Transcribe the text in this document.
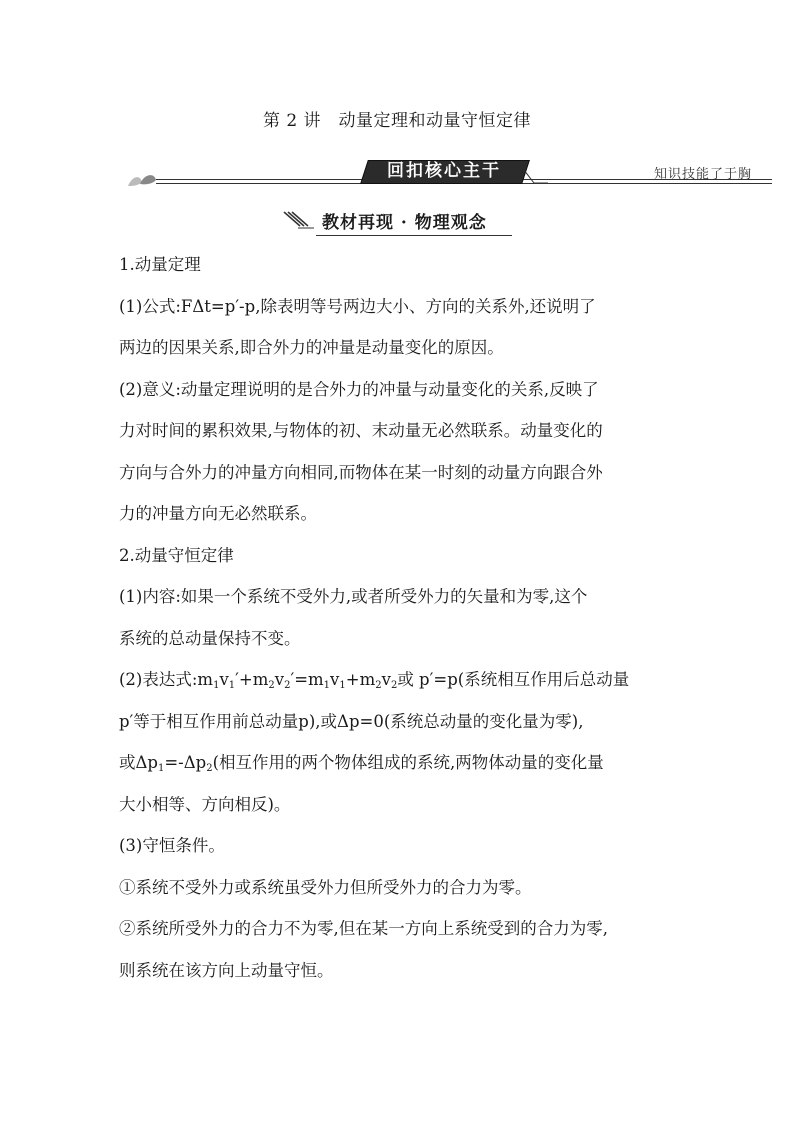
第 2 讲　动量定理和动量守恒定律
回扣核心主干	知识技能了于胸
教材再现 · 物理观念

1.动量定理

(1)公式:FΔt=p′-p,除表明等号两边大小、方向的关系外,还说明了

两边的因果关系,即合外力的冲量是动量变化的原因。

(2)意义:动量定理说明的是合外力的冲量与动量变化的关系,反映了

力对时间的累积效果,与物体的初、末动量无必然联系。动量变化的

方向与合外力的冲量方向相同,而物体在某一时刻的动量方向跟合外

力的冲量方向无必然联系。

2.动量守恒定律

(1)内容:如果一个系统不受外力,或者所受外力的矢量和为零,这个

系统的总动量保持不变。

(2)表达式$:m_1v_1'+m_2v_2'=m_1v_1+m_2v_2$或 p′=p(系统相互作用后总动量

p′等于相互作用前总动量p),或Δp=0(系统总动量的变化量为零),

或$\Delta p_1=-\Delta p_2$(相互作用的两个物体组成的系统,两物体动量的变化量

大小相等、方向相反)。

(3)守恒条件。

①系统不受外力或系统虽受外力但所受外力的合力为零。

②系统所受外力的合力不为零,但在某一方向上系统受到的合力为零,

则系统在该方向上动量守恒。
